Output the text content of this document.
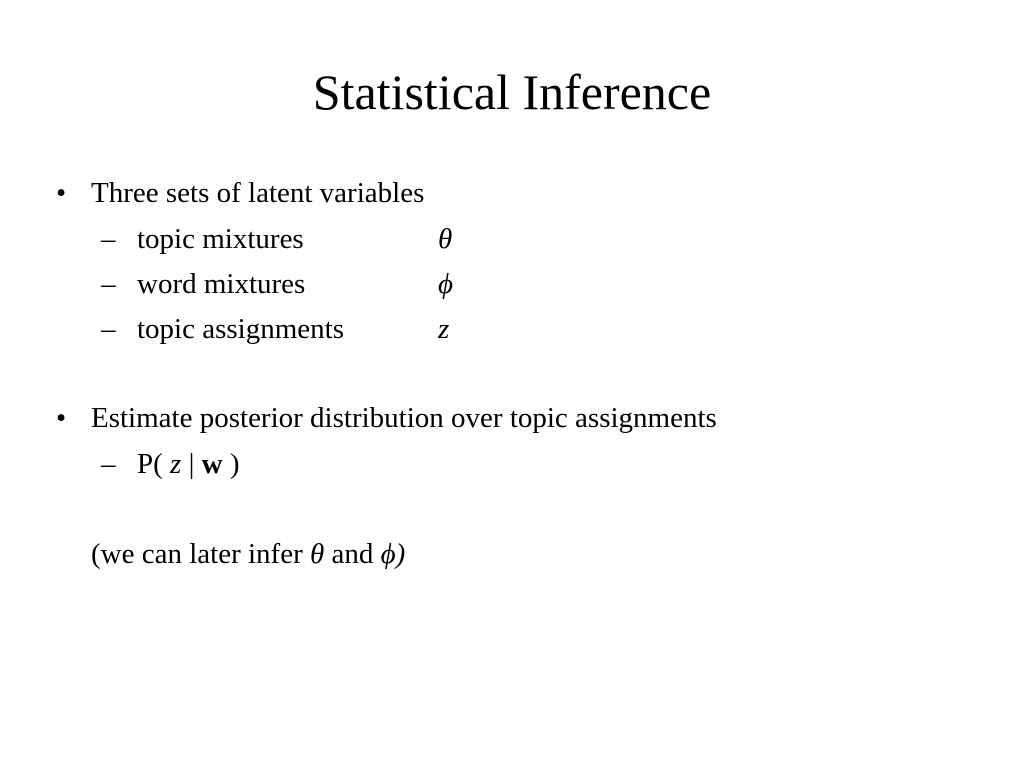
Statistical Inference
• Three sets of latent variables
– topic mixtures	θ
– word mixtures	ϕ
– topic assignments	z
• Estimate posterior distribution over topic assignments
– P( z | w )
(we can later infer θ and ϕ)
